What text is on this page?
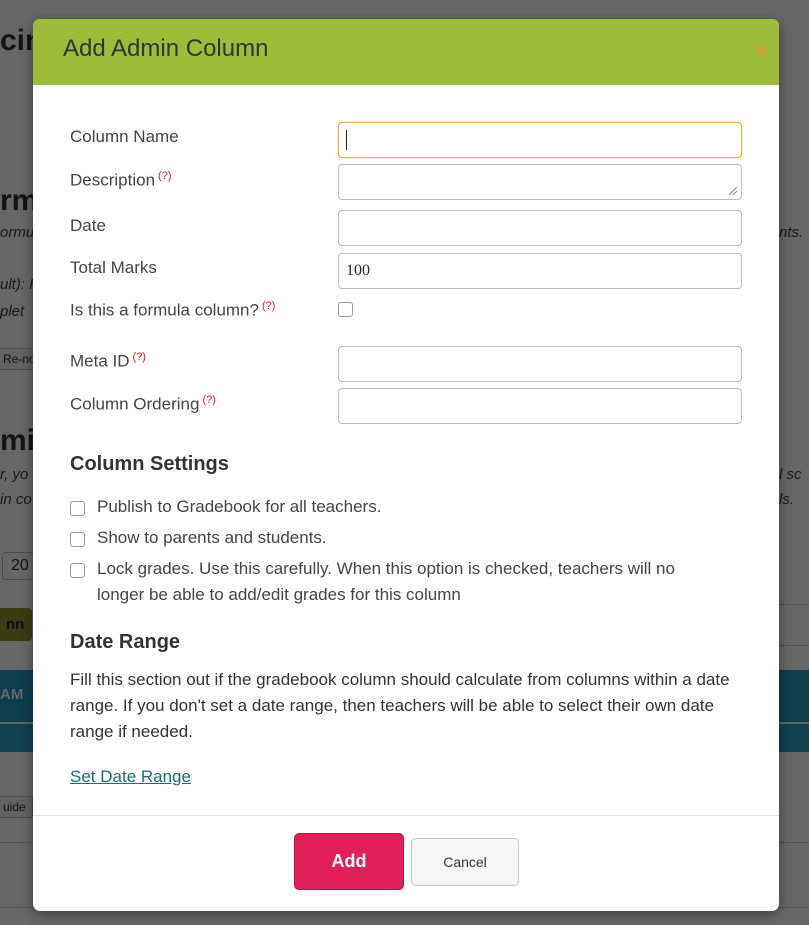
Add Admin Column	×
Column Name
Description (?)
Date
Total Marks	100
Is this a formula column? (?)
Meta ID (?)
Column Ordering (?)
Column Settings
Publish to Gradebook for all teachers.
Show to parents and students.
Lock grades. Use this carefully. When this option is checked, teachers will no
longer be able to add/edit grades for this column
Date Range

Fill this section out if the gradebook column should calculate from columns within a date range. If you don't set a date range, then teachers will be able to select their own date range if needed.

Set Date Range
Add	Cancel
